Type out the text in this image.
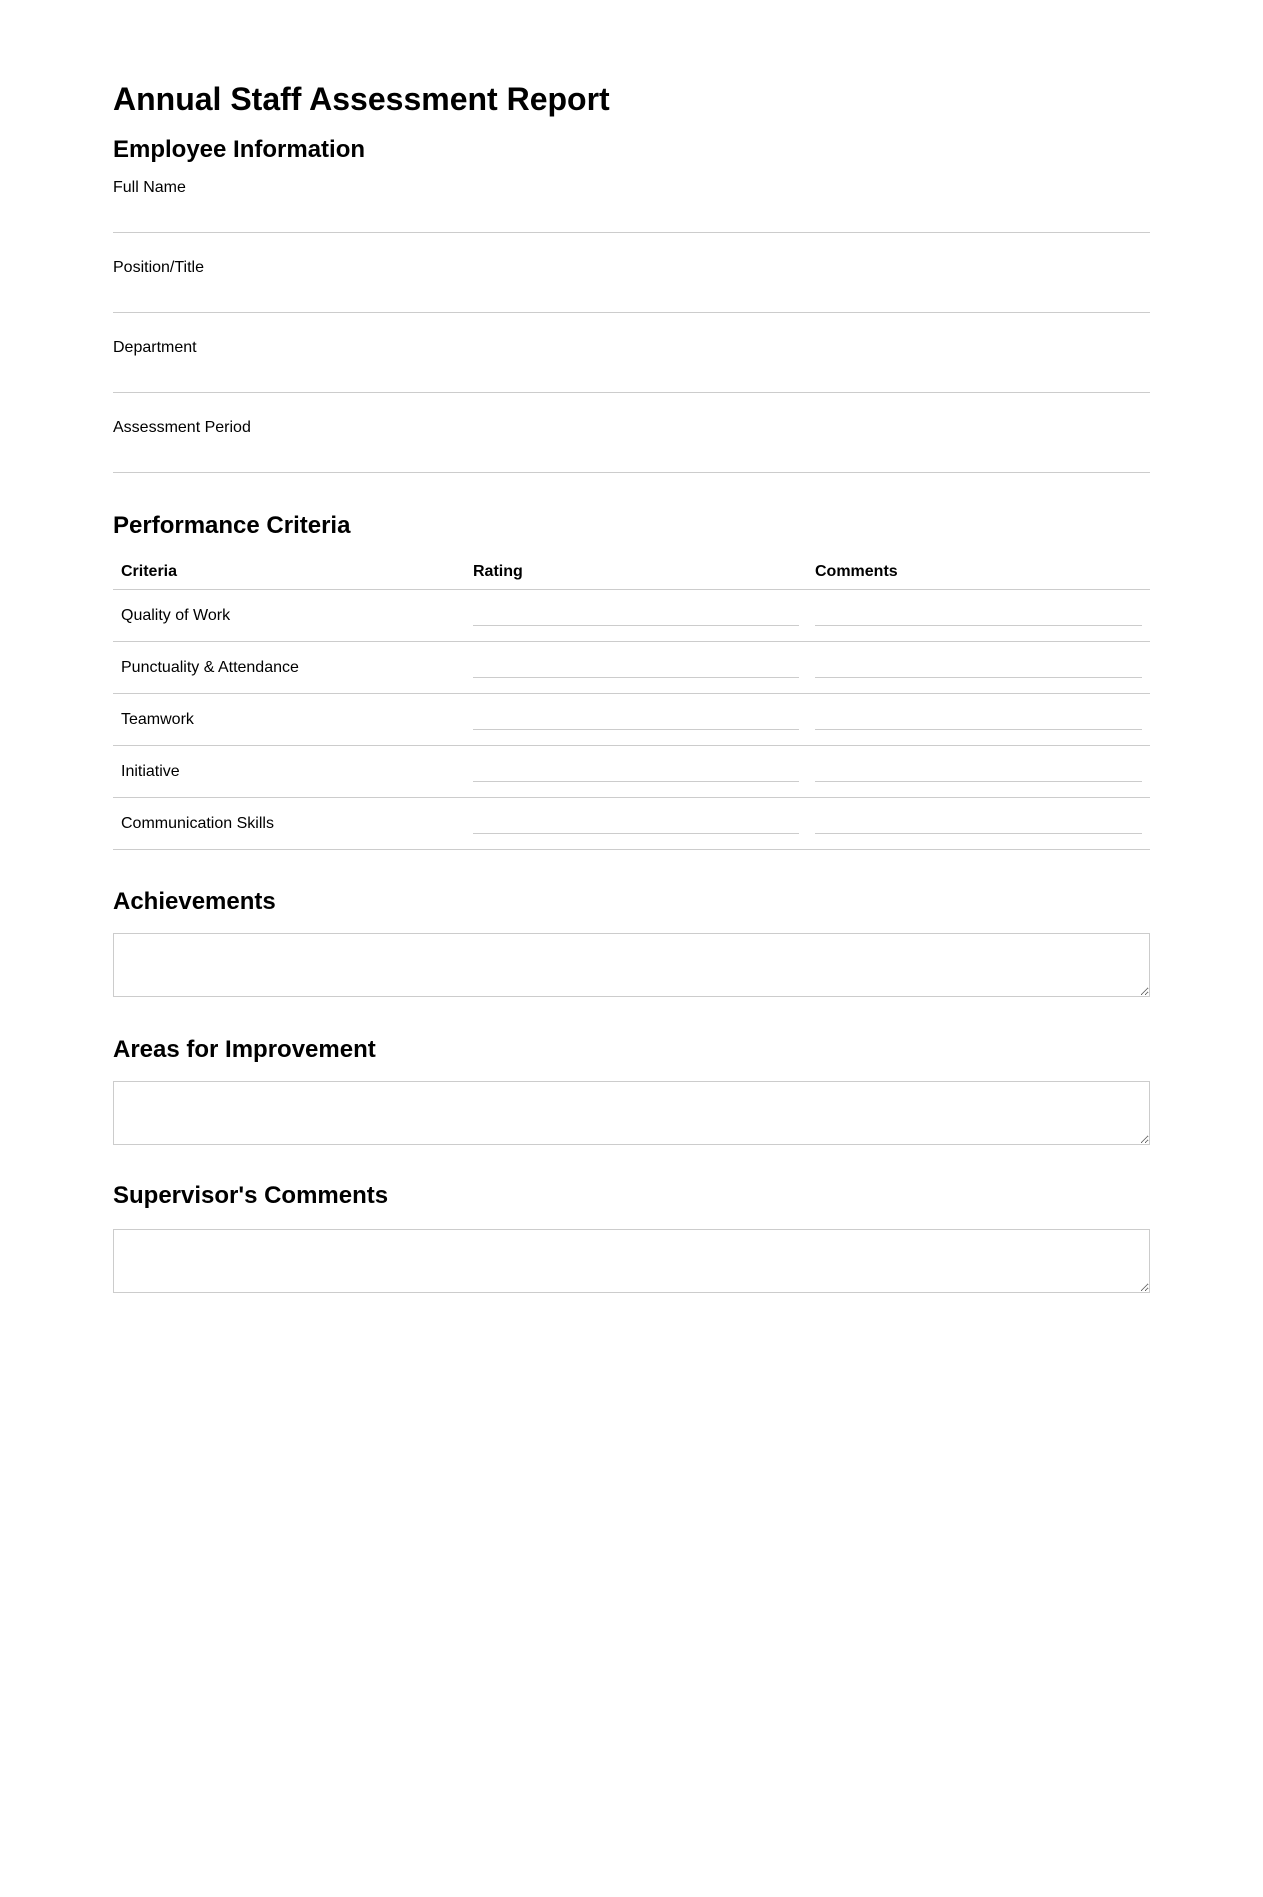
Annual Staff Assessment Report
Employee Information
Full Name
Position/Title
Department
Assessment Period
Performance Criteria
Criteria	Rating	Comments
Quality of Work	

Punctuality & Attendance	

Teamwork	

Initiative	

Communication Skills	

Achievements
Areas for Improvement
Supervisor's Comments
